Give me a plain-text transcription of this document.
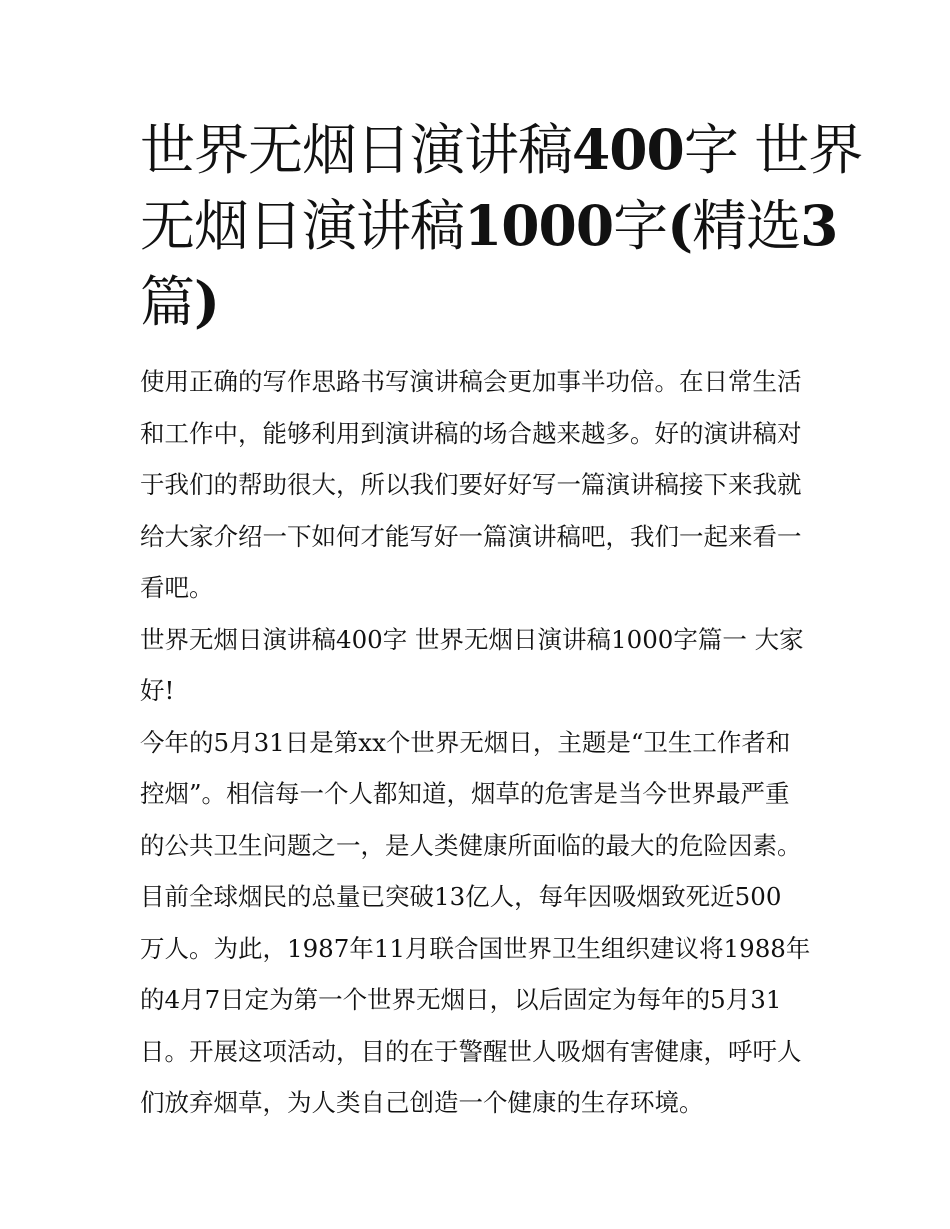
世界无烟日演讲稿400字 世界
无烟日演讲稿1000字(精选3
篇)
使用正确的写作思路书写演讲稿会更加事半功倍。在日常生活
和工作中，能够利用到演讲稿的场合越来越多。好的演讲稿对
于我们的帮助很大，所以我们要好好写一篇演讲稿接下来我就
给大家介绍一下如何才能写好一篇演讲稿吧，我们一起来看一
看吧。
世界无烟日演讲稿400字 世界无烟日演讲稿1000字篇一 大家
好!
今年的5月31日是第xx个世界无烟日，主题是“卫生工作者和
控烟”。相信每一个人都知道，烟草的危害是当今世界最严重
的公共卫生问题之一，是人类健康所面临的最大的危险因素。
目前全球烟民的总量已突破13亿人，每年因吸烟致死近500
万人。为此，1987年11月联合国世界卫生组织建议将1988年
的4月7日定为第一个世界无烟日，以后固定为每年的5月31
日。开展这项活动，目的在于警醒世人吸烟有害健康，呼吁人
们放弃烟草，为人类自己创造一个健康的生存环境。
